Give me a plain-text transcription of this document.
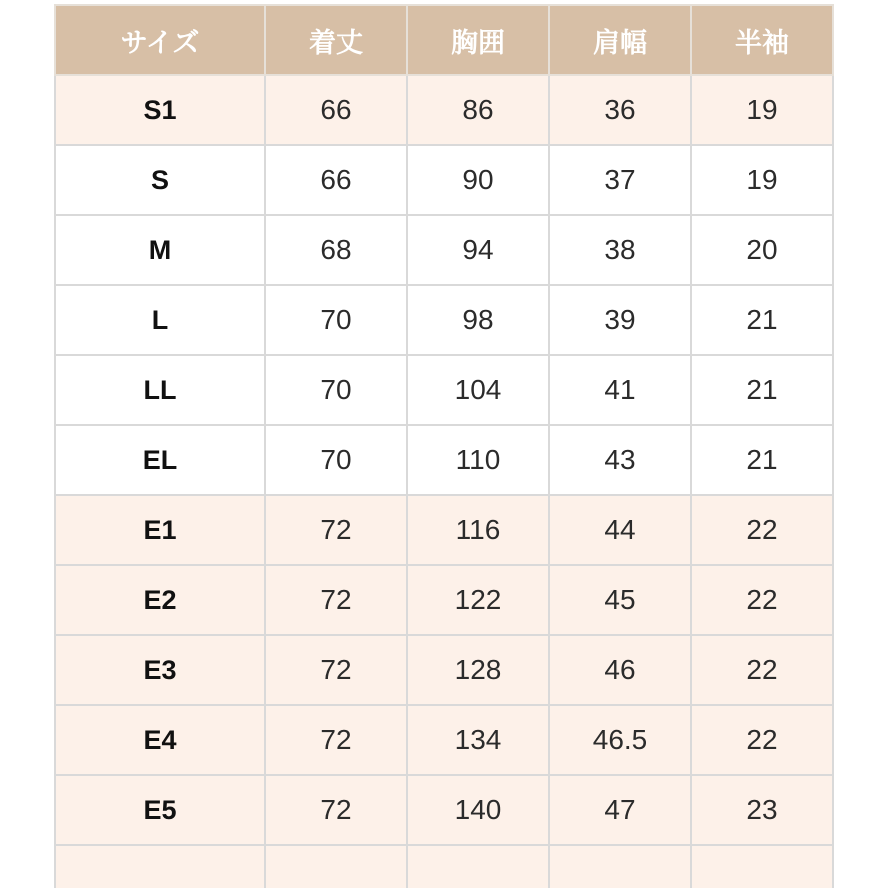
サイズ	着丈	胸囲	肩幅	半袖
S1	66	86	36	19
S	66	90	37	19
M	68	94	38	20
L	70	98	39	21
LL	70	104	41	21
EL	70	110	43	21
E1	72	116	44	22
E2	72	122	45	22
E3	72	128	46	22
E4	72	134	46.5	22
E5	72	140	47	23
